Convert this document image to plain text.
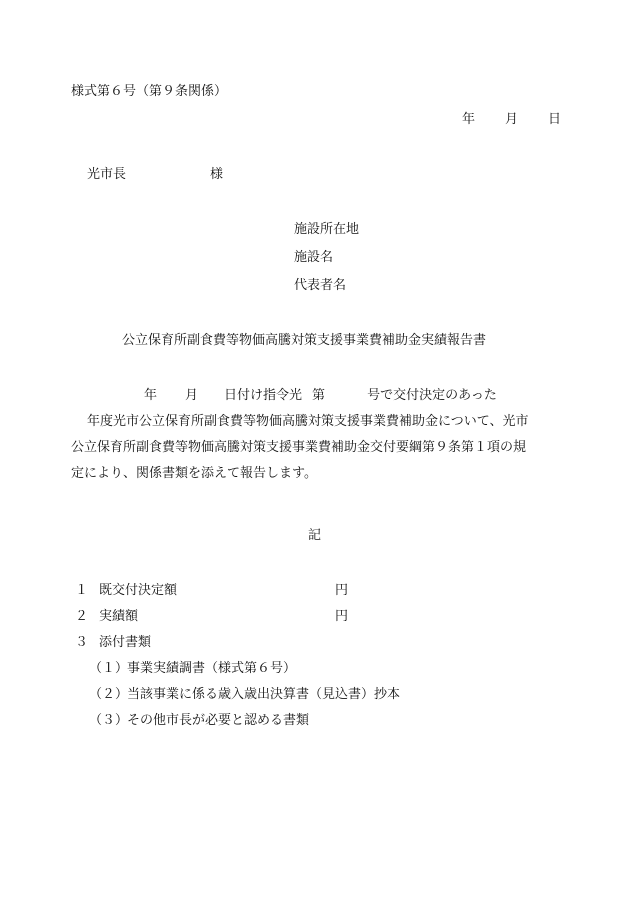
様式第６号（第９条関係）
年 月 日
光市長	様
施設所在地
施設名
代表者名
公立保育所副食費等物価高騰対策支援事業費補助金実績報告書
年 月 日付け指令光 第	号で交付決定のあった
年度光市公立保育所副食費等物価高騰対策支援事業費補助金について、光市
公立保育所副食費等物価高騰対策支援事業費補助金交付要綱第９条第１項の規
定により、関係書類を添えて報告します。
記
１ 既交付決定額	円
２ 実績額	円
３ 添付書類
（１）事業実績調書（様式第６号）
（２）当該事業に係る歳入歳出決算書（見込書）抄本
（３）その他市長が必要と認める書類
